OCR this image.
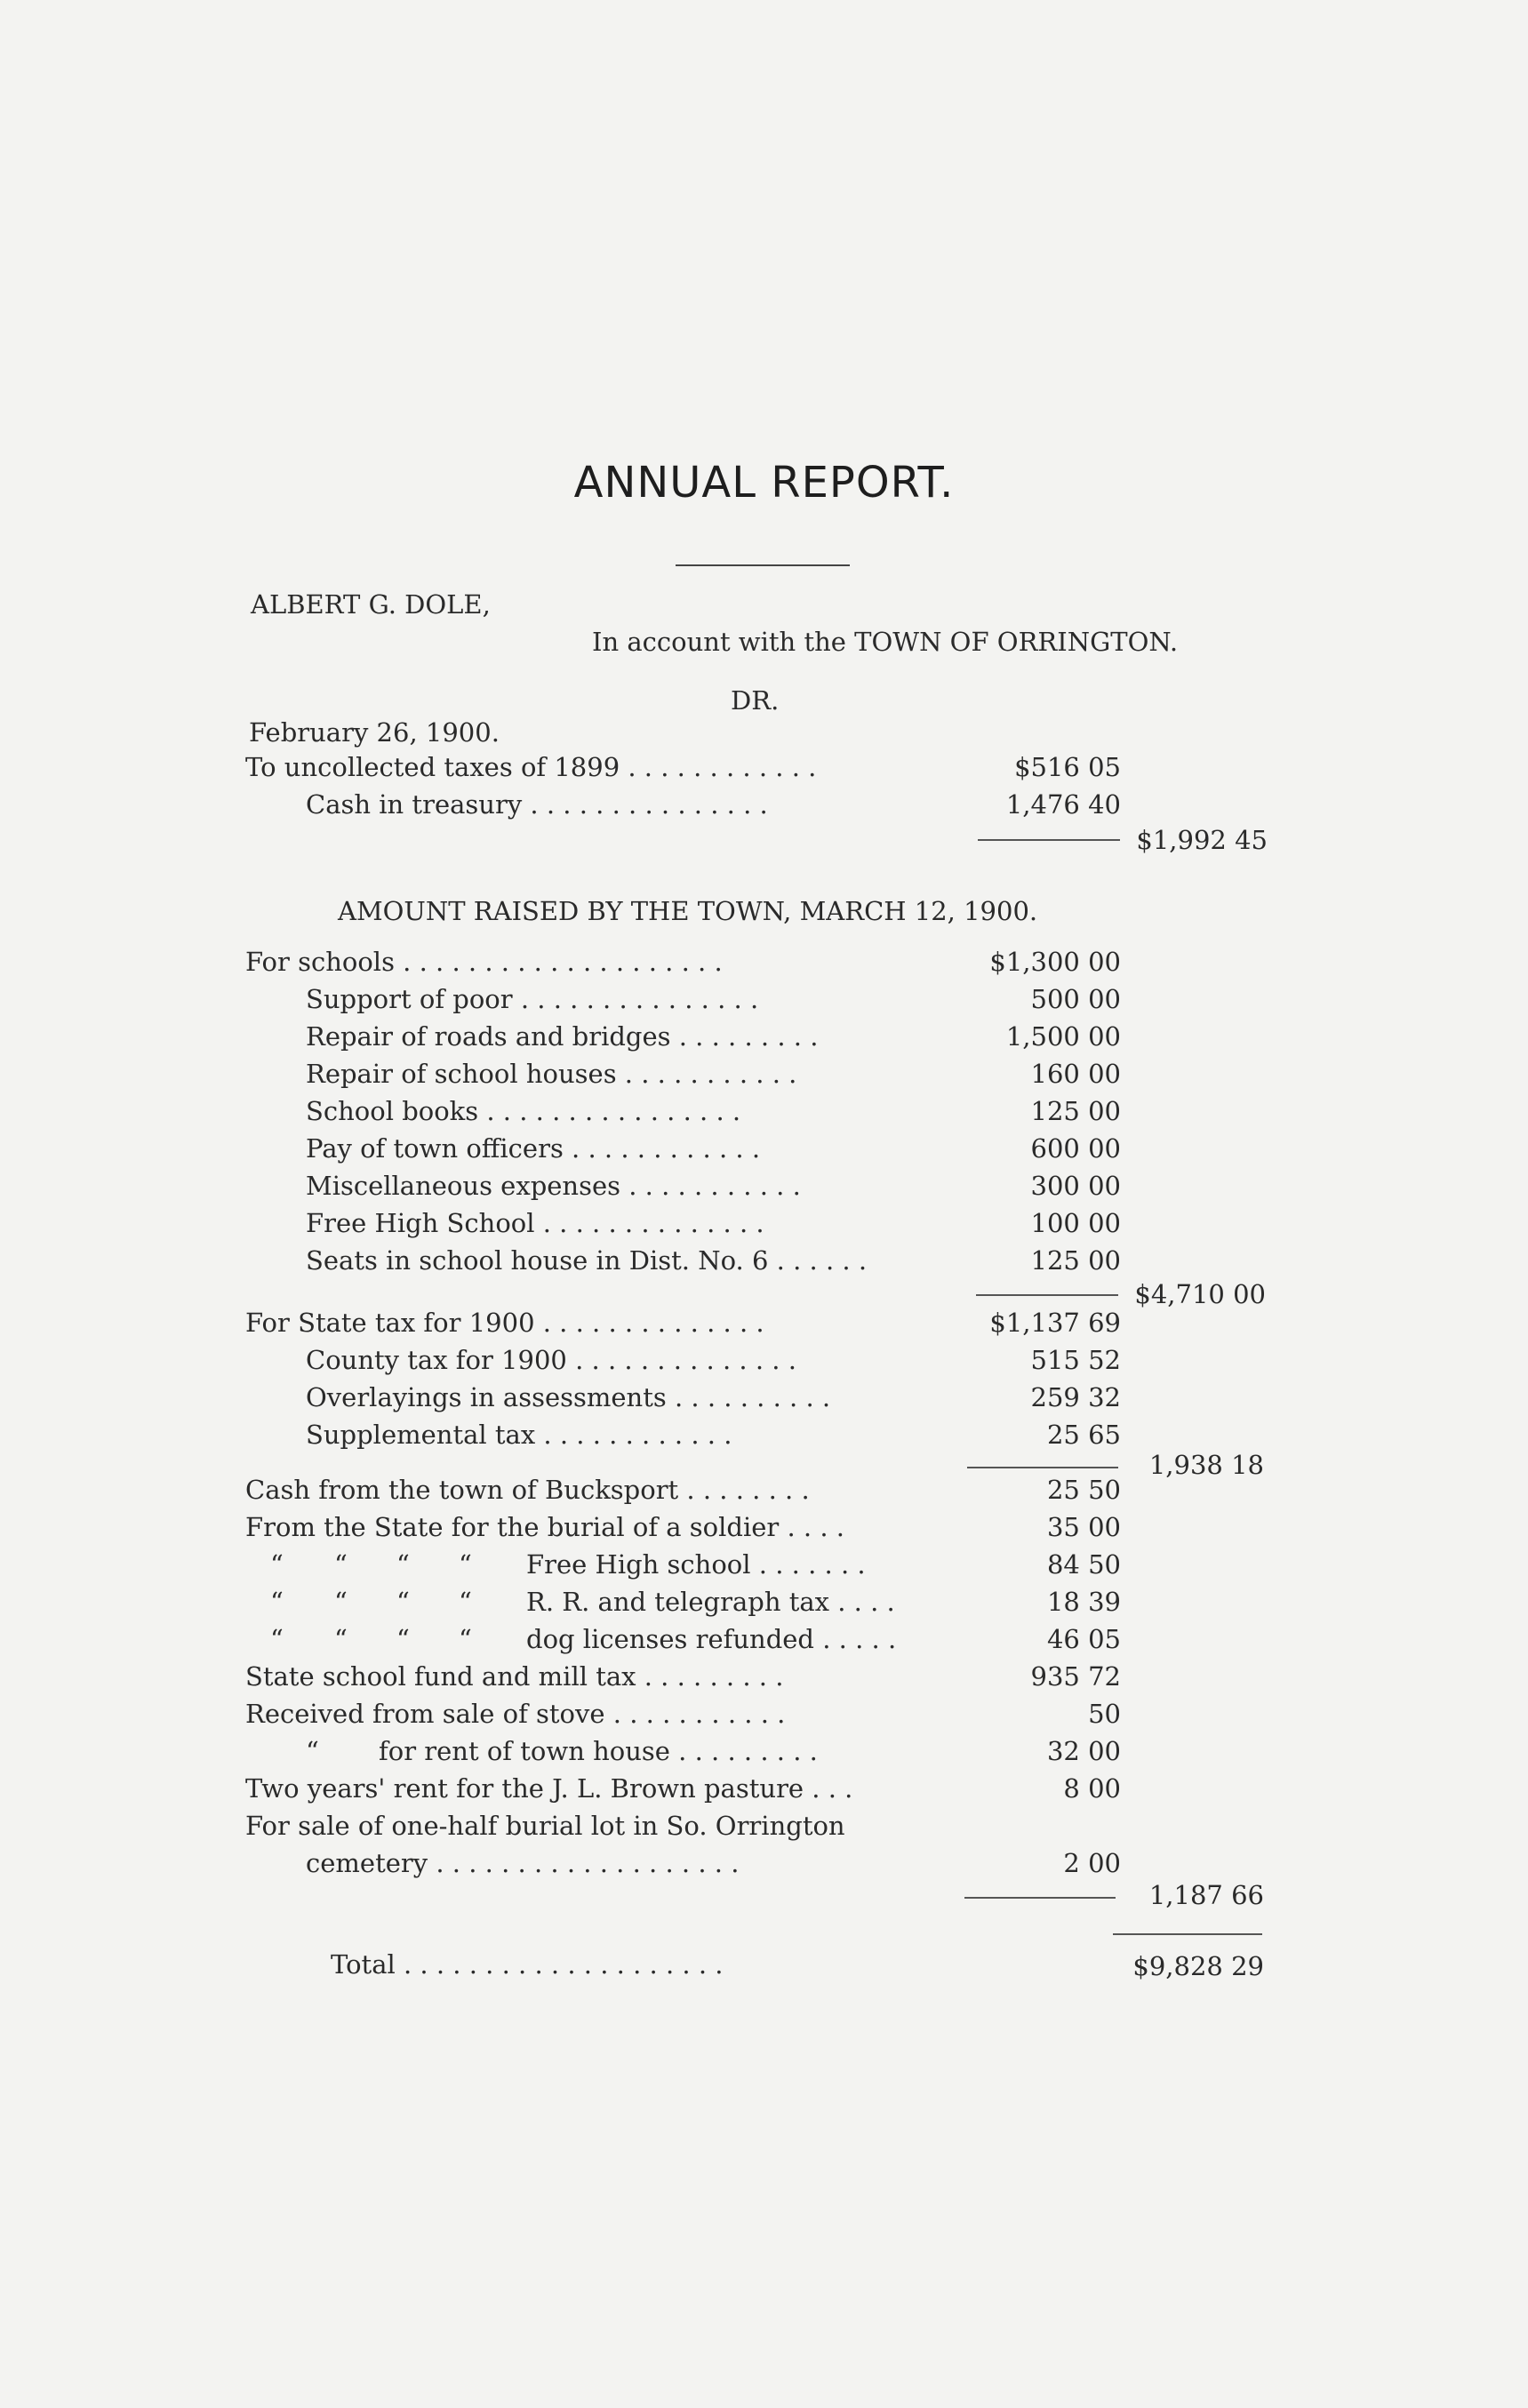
ANNUAL REPORT.
ALBERT G. DOLE,
In account with the TOWN OF ORRINGTON.
DR.
February 26, 1900.
To uncollected taxes of 1899 . . . . . . . . . . . .	$516 05
Cash in treasury . . . . . . . . . . . . . . .	1,476 40
$1,992 45
AMOUNT RAISED BY THE TOWN, MARCH 12, 1900.
For schools . . . . . . . . . . . . . . . . . . . .	$1,300 00
Support of poor . . . . . . . . . . . . . . .	500 00
Repair of roads and bridges . . . . . . . . .	1,500 00
Repair of school houses . . . . . . . . . . .	160 00
School books . . . . . . . . . . . . . . . .	125 00
Pay of town officers . . . . . . . . . . . .	600 00
Miscellaneous expenses . . . . . . . . . . .	300 00
Free High School . . . . . . . . . . . . . .	100 00
Seats in school house in Dist. No. 6 . . . . . .	125 00
$4,710 00
For State tax for 1900 . . . . . . . . . . . . . .	$1,137 69
County tax for 1900 . . . . . . . . . . . . . .	515 52
Overlayings in assessments . . . . . . . . . .	259 32
Supplemental tax . . . . . . . . . . . .	25 65
1,938 18
Cash from the town of Bucksport . . . . . . . .	25 50
From the State for the burial of a soldier . . . .	35 00
“ “ “ “ Free High school . . . . . . .	84 50
“ “ “ “ R. R. and telegraph tax . . . .	18 39
“ “ “ “ dog licenses refunded . . . . .	46 05
State school fund and mill tax . . . . . . . . .	935 72
Received from sale of stove . . . . . . . . . . .	50
“ for rent of town house . . . . . . . . .	32 00
Two years' rent for the J. L. Brown pasture . . .	8 00
For sale of one-half burial lot in So. Orrington
cemetery . . . . . . . . . . . . . . . . . . .	2 00
1,187 66
Total . . . . . . . . . . . . . . . . . . . .	$9,828 29
